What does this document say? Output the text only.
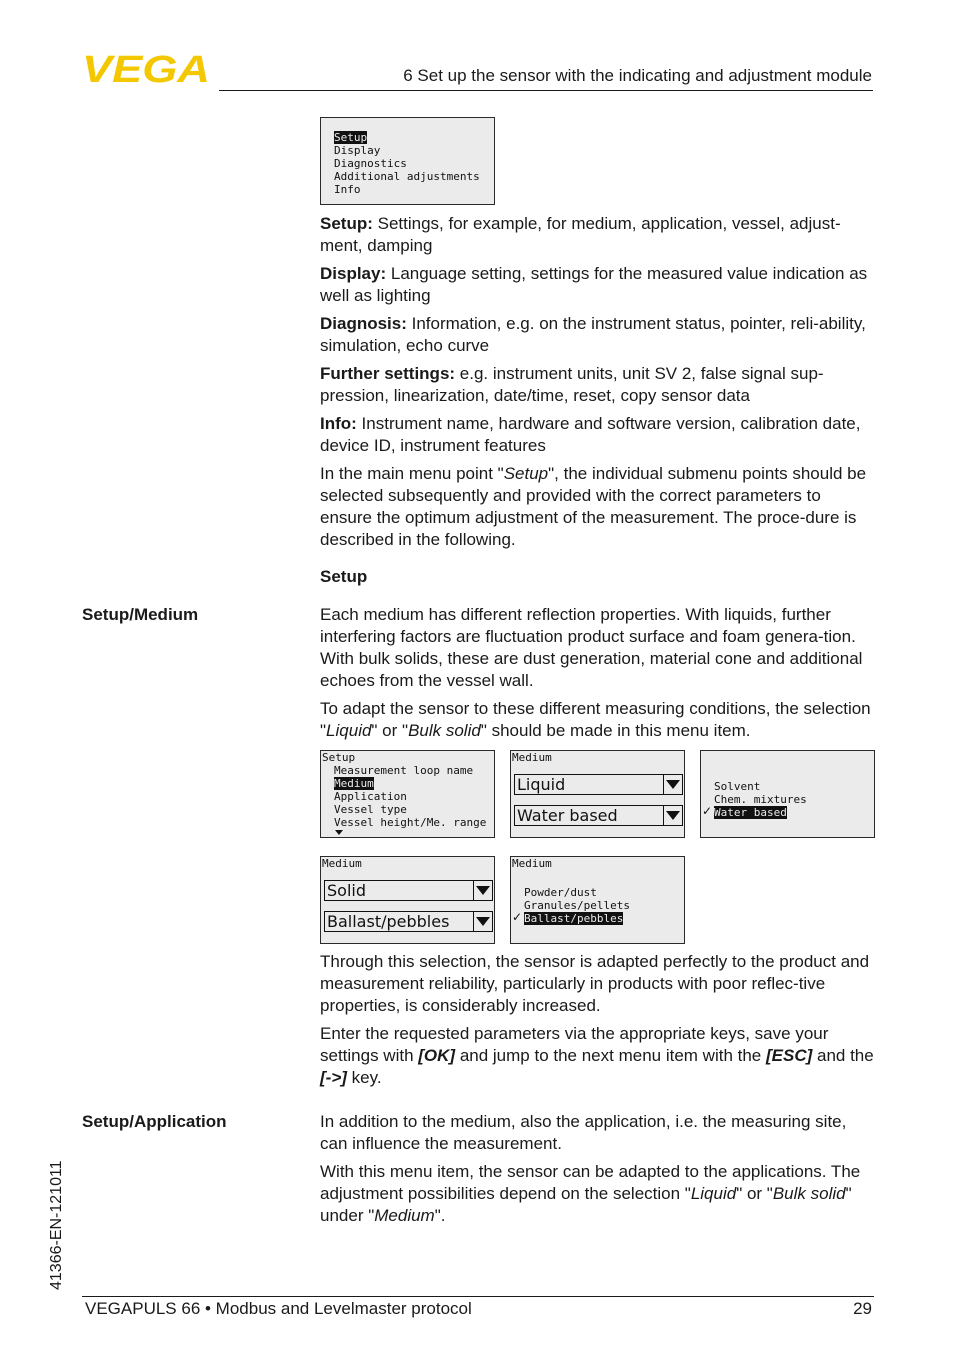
VEGA	6 Set up the sensor with the indicating and adjustment module
Setup
Display
Diagnostics
Additional adjustments
Info
Setup: Settings, for example, for medium, application, vessel, adjust-ment, damping
Display: Language setting, settings for the measured value indication as well as lighting
Diagnosis: Information, e.g. on the instrument status, pointer, reli-ability, simulation, echo curve
Further settings: e.g. instrument units, unit SV 2, false signal sup-pression, linearization, date/time, reset, copy sensor data
Info: Instrument name, hardware and software version, calibration date, device ID, instrument features
In the main menu point "Setup", the individual submenu points should be selected subsequently and provided with the correct parameters to ensure the optimum adjustment of the measurement. The proce-dure is described in the following.
Setup
Setup/Medium	Each medium has different reflection properties. With liquids, further interfering factors are fluctuation product surface and foam genera-tion. With bulk solids, these are dust generation, material cone and additional echoes from the vessel wall.
To adapt the sensor to these different measuring conditions, the selection "Liquid" or "Bulk solid" should be made in this menu item.
Setup
Measurement loop name
Medium
Application
Vessel type
Vessel height/Me. range
Medium
Liquid
Water based
Solvent
Chem. mixtures
✓ Water based
Medium
Solid
Ballast/pebbles
Medium
Powder/dust
Granules/pellets
✓ Ballast/pebbles
Through this selection, the sensor is adapted perfectly to the product and measurement reliability, particularly in products with poor reflec-tive properties, is considerably increased.
Enter the requested parameters via the appropriate keys, save your settings with [OK] and jump to the next menu item with the [ESC] and the [->] key.
Setup/Application	In addition to the medium, also the application, i.e. the measuring site, can influence the measurement.
With this menu item, the sensor can be adapted to the applications. The adjustment possibilities depend on the selection "Liquid" or "Bulk solid" under "Medium".
41366-EN-121011
VEGAPULS 66 • Modbus and Levelmaster protocol	29
